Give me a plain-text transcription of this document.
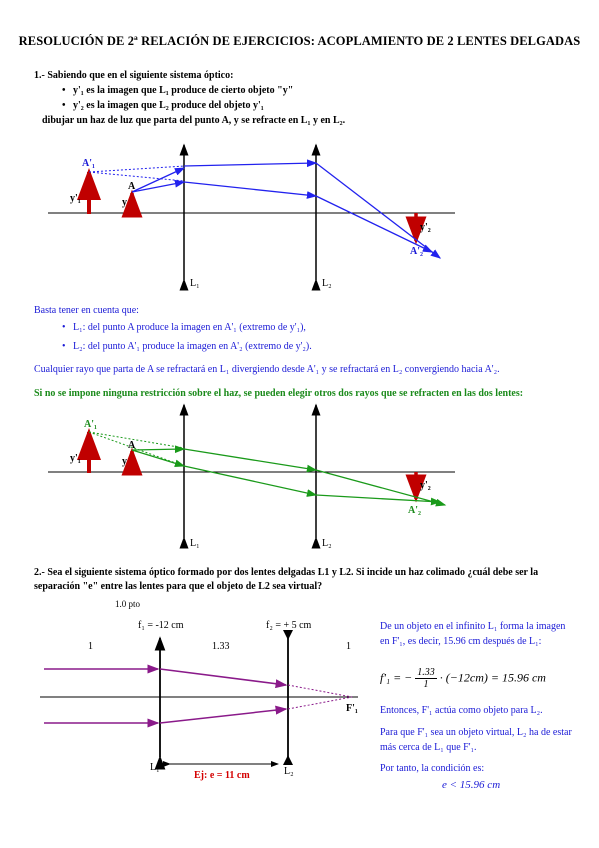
RESOLUCIÓN DE 2ª RELACIÓN DE EJERCICIOS: ACOPLAMIENTO DE 2 LENTES DELGADAS
1.- Sabiendo que en el siguiente sistema óptico:
•   y'₁ es la imagen que L₁ produce de cierto objeto "y"
•   y'₂ es la imagen que L₂ produce del objeto y'₁
dibujar un haz de luz que parta del punto A, y se refracte en L₁ y en L₂.
A'₁
A
y'₁	y
y'₂
A'₂
L₁	L₂
Basta tener en cuenta que:
•   L₁: del punto A produce la imagen en A'₁ (extremo de y'₁),
•   L₂: del punto A'₁ produce la imagen en A'₂ (extremo de y'₂).
Cualquier rayo que parta de A se refractará en L₁ divergiendo desde A'₁ y se refractará en L₂ convergiendo hacia A'₂.
Si no se impone ninguna restricción sobre el haz, se pueden elegir otros dos rayos que se refracten en las dos lentes:
A'₁
A
y'₁	y
y'₂
A'₂
L₁	L₂
2.- Sea el siguiente sistema óptico formado por dos lentes delgadas L1 y L2. Si incide un haz colimado ¿cuál debe ser la separación "e" entre las lentes para que el objeto de L2 sea virtual?
1.0 pto
f₁ = -12 cm	f₂ = + 5 cm
1	1.33	1
F'₁
L₁	L₂
Ej: e = 11 cm
De un objeto en el infinito L₁ forma la imagen en F'₁, es decir, 15.96 cm después de L₁:
f'₁ = − $\frac{1.33}{1} \cdot (-12cm) = 15.96$ cm
Entonces, F'₁ actúa como objeto para L₂.
Para que F'₁ sea un objeto virtual, L₂ ha de estar más cerca de L₁ que F'₁.
Por tanto, la condición es:
e < 15.96 cm
